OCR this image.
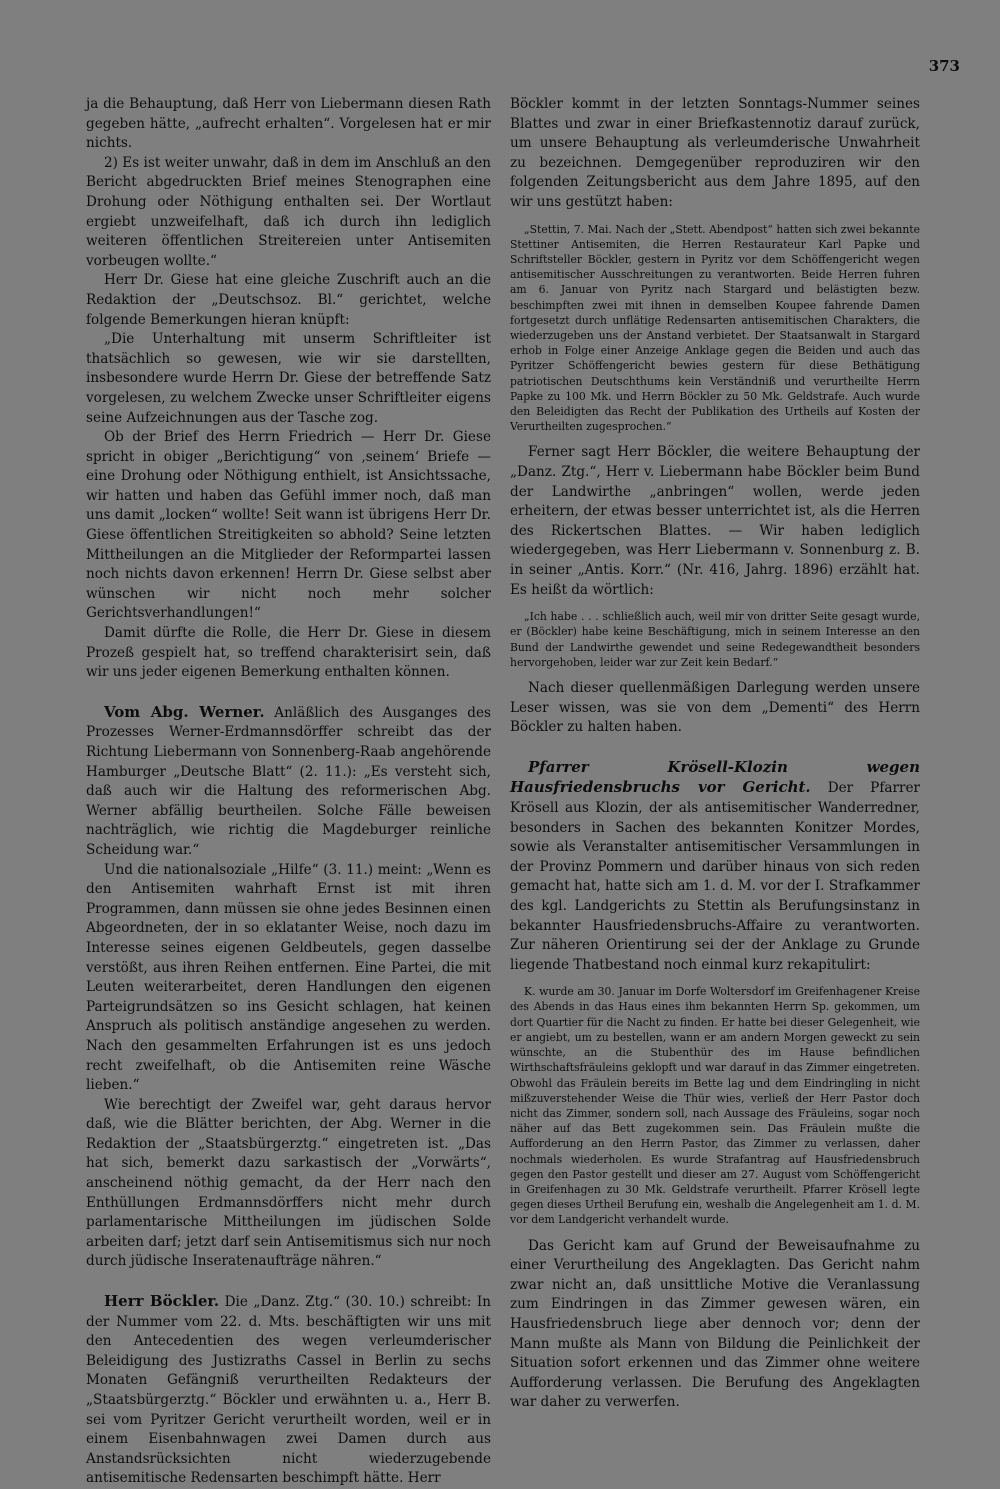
373

ja die Behauptung, daß Herr von Liebermann diesen Rath gegeben hätte, „aufrecht erhalten“. Vorgelesen hat er mir nichts.

2) Es ist weiter unwahr, daß in dem im Anschluß an den Bericht abgedruckten Brief meines Stenographen eine Drohung oder Nöthigung enthalten sei. Der Wortlaut ergiebt unzweifelhaft, daß ich durch ihn lediglich weiteren öffentlichen Streitereien unter Antisemiten vorbeugen wollte.“

Herr Dr. Giese hat eine gleiche Zuschrift auch an die Redaktion der „Deutschsoz. Bl.“ gerichtet, welche folgende Bemerkungen hieran knüpft:

„Die Unterhaltung mit unserm Schriftleiter ist thatsächlich so gewesen, wie wir sie darstellten, insbesondere wurde Herrn Dr. Giese der betreffende Satz vorgelesen, zu welchem Zwecke unser Schriftleiter eigens seine Aufzeichnungen aus der Tasche zog.

Ob der Brief des Herrn Friedrich — Herr Dr. Giese spricht in obiger „Berichtigung“ von ‚seinem‘ Briefe — eine Drohung oder Nöthigung enthielt, ist Ansichtssache, wir hatten und haben das Gefühl immer noch, daß man uns damit „locken“ wollte! Seit wann ist übrigens Herr Dr. Giese öffentlichen Streitigkeiten so abhold? Seine letzten Mittheilungen an die Mitglieder der Reformpartei lassen noch nichts davon erkennen! Herrn Dr. Giese selbst aber wünschen wir nicht noch mehr solcher Gerichtsverhandlungen!“

Damit dürfte die Rolle, die Herr Dr. Giese in diesem Prozeß gespielt hat, so treffend charakterisirt sein, daß wir uns jeder eigenen Bemerkung enthalten können.

Vom Abg. Werner. Anläßlich des Ausganges des Prozesses Werner-Erdmannsdörffer schreibt das der Richtung Liebermann von Sonnenberg-Raab angehörende Hamburger „Deutsche Blatt“ (2. 11.): „Es versteht sich, daß auch wir die Haltung des reformerischen Abg. Werner abfällig beurtheilen. Solche Fälle beweisen nachträglich, wie richtig die Magdeburger reinliche Scheidung war.“

Und die nationalsoziale „Hilfe“ (3. 11.) meint: „Wenn es den Antisemiten wahrhaft Ernst ist mit ihren Programmen, dann müssen sie ohne jedes Besinnen einen Abgeordneten, der in so eklatanter Weise, noch dazu im Interesse seines eigenen Geldbeutels, gegen dasselbe verstößt, aus ihren Reihen entfernen. Eine Partei, die mit Leuten weiterarbeitet, deren Handlungen den eigenen Parteigrundsätzen so ins Gesicht schlagen, hat keinen Anspruch als politisch anständige angesehen zu werden. Nach den gesammelten Erfahrungen ist es uns jedoch recht zweifelhaft, ob die Antisemiten reine Wäsche lieben.“

Wie berechtigt der Zweifel war, geht daraus hervor daß, wie die Blätter berichten, der Abg. Werner in die Redaktion der „Staatsbürgerztg.“ eingetreten ist. „Das hat sich, bemerkt dazu sarkastisch der „Vorwärts“, anscheinend nöthig gemacht, da der Herr nach den Enthüllungen Erdmannsdörffers nicht mehr durch parlamentarische Mittheilungen im jüdischen Solde arbeiten darf; jetzt darf sein Antisemitismus sich nur noch durch jüdische Inseratenaufträge nähren.“

Herr Böckler. Die „Danz. Ztg.“ (30. 10.) schreibt: In der Nummer vom 22. d. Mts. beschäftigten wir uns mit den Antecedentien des wegen verleumderischer Beleidigung des Justizraths Cassel in Berlin zu sechs Monaten Gefängniß verurtheilten Redakteurs der „Staatsbürgerztg.“ Böckler und erwähnten u. a., Herr B. sei vom Pyritzer Gericht verurtheilt worden, weil er in einem Eisenbahnwagen zwei Damen durch aus Anstandsrücksichten nicht wiederzugebende antisemitische Redensarten beschimpft hätte. Herr

Böckler kommt in der letzten Sonntags-Nummer seines Blattes und zwar in einer Briefkastennotiz darauf zurück, um unsere Behauptung als verleumderische Unwahrheit zu bezeichnen. Demgegenüber reproduziren wir den folgenden Zeitungsbericht aus dem Jahre 1895, auf den wir uns gestützt haben:

„Stettin, 7. Mai. Nach der „Stett. Abendpost“ hatten sich zwei bekannte Stettiner Antisemiten, die Herren Restaurateur Karl Papke und Schriftsteller Böckler, gestern in Pyritz vor dem Schöffengericht wegen antisemitischer Ausschreitungen zu verantworten. Beide Herren fuhren am 6. Januar von Pyritz nach Stargard und belästigten bezw. beschimpften zwei mit ihnen in demselben Koupee fahrende Damen fortgesetzt durch unflätige Redensarten antisemitischen Charakters, die wiederzugeben uns der Anstand verbietet. Der Staatsanwalt in Stargard erhob in Folge einer Anzeige Anklage gegen die Beiden und auch das Pyritzer Schöffengericht bewies gestern für diese Bethätigung patriotischen Deutschthums kein Verständniß und verurtheilte Herrn Papke zu 100 Mk. und Herrn Böckler zu 50 Mk. Geldstrafe. Auch wurde den Beleidigten das Recht der Publikation des Urtheils auf Kosten der Verurtheilten zugesprochen.“

Ferner sagt Herr Böckler, die weitere Behauptung der „Danz. Ztg.“, Herr v. Liebermann habe Böckler beim Bund der Landwirthe „anbringen“ wollen, werde jeden erheitern, der etwas besser unterrichtet ist, als die Herren des Rickertschen Blattes. — Wir haben lediglich wiedergegeben, was Herr Liebermann v. Sonnenburg z. B. in seiner „Antis. Korr.“ (Nr. 416, Jahrg. 1896) erzählt hat. Es heißt da wörtlich:

„Ich habe . . . schließlich auch, weil mir von dritter Seite gesagt wurde, er (Böckler) habe keine Beschäftigung, mich in seinem Interesse an den Bund der Landwirthe gewendet und seine Redegewandtheit besonders hervorgehoben, leider war zur Zeit kein Bedarf.“

Nach dieser quellenmäßigen Darlegung werden unsere Leser wissen, was sie von dem „Dementi“ des Herrn Böckler zu halten haben.

Pfarrer Krösell-Klozin wegen Hausfriedensbruchs vor Gericht. Der Pfarrer Krösell aus Klozin, der als antisemitischer Wanderredner, besonders in Sachen des bekannten Konitzer Mordes, sowie als Veranstalter antisemitischer Versammlungen in der Provinz Pommern und darüber hinaus von sich reden gemacht hat, hatte sich am 1. d. M. vor der I. Strafkammer des kgl. Landgerichts zu Stettin als Berufungsinstanz in bekannter Hausfriedensbruchs-Affaire zu verantworten. Zur näheren Orientirung sei der der Anklage zu Grunde liegende Thatbestand noch einmal kurz rekapitulirt:

K. wurde am 30. Januar im Dorfe Woltersdorf im Greifenhagener Kreise des Abends in das Haus eines ihm bekannten Herrn Sp. gekommen, um dort Quartier für die Nacht zu finden. Er hatte bei dieser Gelegenheit, wie er angiebt, um zu bestellen, wann er am andern Morgen geweckt zu sein wünschte, an die Stubenthür des im Hause befindlichen Wirthschaftsfräuleins geklopft und war darauf in das Zimmer eingetreten. Obwohl das Fräulein bereits im Bette lag und dem Eindringling in nicht mißzuverstehender Weise die Thür wies, verließ der Herr Pastor doch nicht das Zimmer, sondern soll, nach Aussage des Fräuleins, sogar noch näher auf das Bett zugekommen sein. Das Fräulein mußte die Aufforderung an den Herrn Pastor, das Zimmer zu verlassen, daher nochmals wiederholen. Es wurde Strafantrag auf Hausfriedensbruch gegen den Pastor gestellt und dieser am 27. August vom Schöffengericht in Greifenhagen zu 30 Mk. Geldstrafe verurtheilt. Pfarrer Krösell legte gegen dieses Urtheil Berufung ein, weshalb die Angelegenheit am 1. d. M. vor dem Landgericht verhandelt wurde.

Das Gericht kam auf Grund der Beweisaufnahme zu einer Verurtheilung des Angeklagten. Das Gericht nahm zwar nicht an, daß unsittliche Motive die Veranlassung zum Eindringen in das Zimmer gewesen wären, ein Hausfriedensbruch liege aber dennoch vor; denn der Mann mußte als Mann von Bildung die Peinlichkeit der Situation sofort erkennen und das Zimmer ohne weitere Aufforderung verlassen. Die Berufung des Angeklagten war daher zu verwerfen.
